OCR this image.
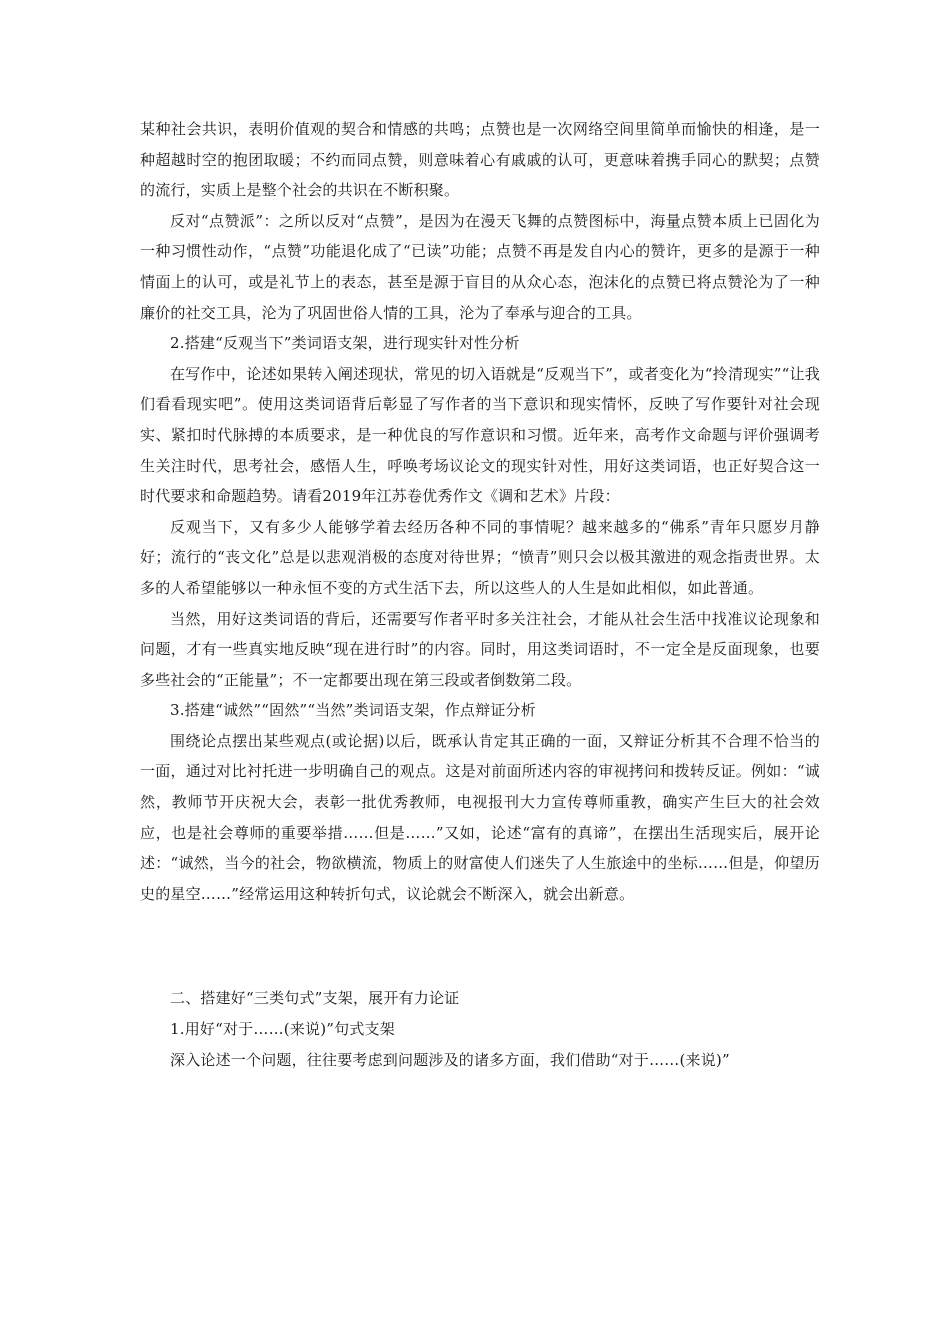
某种社会共识，表明价值观的契合和情感的共鸣；点赞也是一次网络空间里简单而愉快的相逢，是一种超越时空的抱团取暖；不约而同点赞，则意味着心有戚戚的认可，更意味着携手同心的默契；点赞的流行，实质上是整个社会的共识在不断积聚。

反对“点赞派”：之所以反对“点赞”，是因为在漫天飞舞的点赞图标中，海量点赞本质上已固化为一种习惯性动作，“点赞”功能退化成了“已读”功能；点赞不再是发自内心的赞许，更多的是源于一种情面上的认可，或是礼节上的表态，甚至是源于盲目的从众心态，泡沫化的点赞已将点赞沦为了一种廉价的社交工具，沦为了巩固世俗人情的工具，沦为了奉承与迎合的工具。

2.搭建“反观当下”类词语支架，进行现实针对性分析

在写作中，论述如果转入阐述现状，常见的切入语就是“反观当下”，或者变化为“拎清现实”“让我们看看现实吧”。使用这类词语背后彰显了写作者的当下意识和现实情怀，反映了写作要针对社会现实、紧扣时代脉搏的本质要求，是一种优良的写作意识和习惯。近年来，高考作文命题与评价强调考生关注时代，思考社会，感悟人生，呼唤考场议论文的现实针对性，用好这类词语，也正好契合这一时代要求和命题趋势。请看2019年江苏卷优秀作文《调和艺术》片段：

反观当下，又有多少人能够学着去经历各种不同的事情呢？越来越多的“佛系”青年只愿岁月静好；流行的“丧文化”总是以悲观消极的态度对待世界；“愤青”则只会以极其激进的观念指责世界。太多的人希望能够以一种永恒不变的方式生活下去，所以这些人的人生是如此相似，如此普通。

当然，用好这类词语的背后，还需要写作者平时多关注社会，才能从社会生活中找准议论现象和问题，才有一些真实地反映“现在进行时”的内容。同时，用这类词语时，不一定全是反面现象，也要多些社会的“正能量”；不一定都要出现在第三段或者倒数第二段。

3.搭建“诚然”“固然”“当然”类词语支架，作点辩证分析

围绕论点摆出某些观点(或论据)以后，既承认肯定其正确的一面，又辩证分析其不合理不恰当的一面，通过对比衬托进一步明确自己的观点。这是对前面所述内容的审视拷问和拨转反证。例如：“诚然，教师节开庆祝大会，表彰一批优秀教师，电视报刊大力宣传尊师重教，确实产生巨大的社会效应，也是社会尊师的重要举措……但是……”又如，论述“富有的真谛”，在摆出生活现实后，展开论述：“诚然，当今的社会，物欲横流，物质上的财富使人们迷失了人生旅途中的坐标……但是，仰望历史的星空……”经常运用这种转折句式，议论就会不断深入，就会出新意。

二、搭建好“三类句式”支架，展开有力论证

1.用好“对于……(来说)”句式支架

深入论述一个问题，往往要考虑到问题涉及的诸多方面，我们借助“对于……(来说)”
